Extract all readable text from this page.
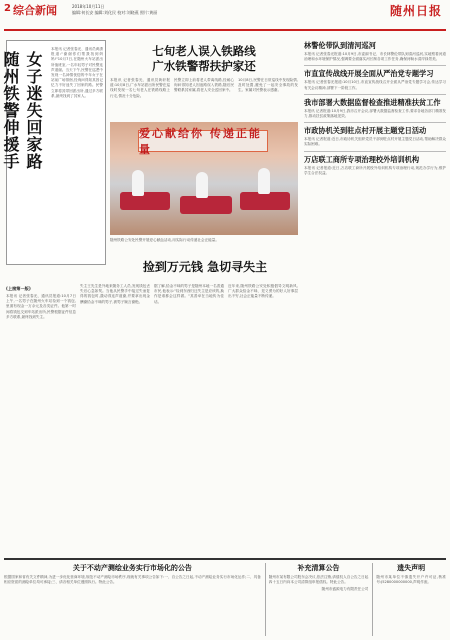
2 综合新闻	2018年10月11日
编辑:何长安 编辑:刘化民 校对:刘晓燕 照片:黄丽	随州日报
女子迷失回家路
随州铁警伸援手
本报讯 记者张春光、通讯员黄潇报道:"谢谢你们帮我找到妈妈!"10月7日,在随州火车站派出所值班室,一名年轻男子对民警连声道谢。当天下午,民警在巡逻中发现一名神情恍惚的中年女子在站前广场徘徊,经询问得知其因记忆力不好迷失了回家的路。民警立即将其带回派出所,通过多方联系,最终找到了其家人。
七旬老人误入铁路线
广水铁警帮扶护家还
本报讯 记者张春光、通讯员黄轩报道:10月8日,广水车站派出所民警在巡线时发现一名七旬老人在铁路线路上行走,情况十分危险。
民警立即上前将老人带离线路,经耐心询问得知老人因迷路误入铁路,随后民警联系其家属,将老人安全送回家中。
10月8日,民警在日常巡线中发现险情,及时处置,避免了一起安全事故的发生。家属对民警表示感谢。
爱心献给你 传递正能量
随州铁路公安处民警开展爱心献血活动,用实际行动传递社会正能量。
捡到万元钱 急切寻失主
林警伦带队到清河巡河
本报讯 记者张春光报道:10月9日,市委副书记、市长林警伦带队到清河巡河,实地察看河道治理和水环境保护情况,强调要全面落实河长制各项工作任务,确保河畅水清岸绿景美。
市直宣传战线开展全面从严治党专题学习
本报讯 记者张春光报道:10月10日,市直宣传战线召开全面从严治党专题学习会,传达学习有关会议精神,部署下一阶段工作。
我市部署大数据监督检查推进精准扶贫工作
本报讯 记者报道:10月9日,我市召开会议,部署大数据监督检查工作,要求各地各部门精准发力,推动扶贫政策落地见效。
市政协机关到驻点村开展主题党日活动
本报讯 记者报道:近日,市政协机关组织党员干部到驻点村开展主题党日活动,帮助解决群众实际困难。
万店联工商所专项治理校外培训机构
本报讯 记者报道:近日,万店联工商所开展校外培训机构专项治理行动,规范办学行为,维护学生合法权益。
(上接第一版)
本报讯 记者张春光、通讯员报道:10月7日上午,一名男子在随州火车站捡到一个钱包,里面有现金一万余元及各类证件。他第一时间将钱包交到车站派出所,民警根据证件信息多方联系,最终找到失主。
失主王先生是外地来随务工人员,发现钱包丢失后心急如焚。当他从民警手中接过失而复得的钱包时,激动得连声道谢,并要拿出现金酬谢拾金不昧的男子,被男子婉言谢绝。
据了解,拾金不昧的男子是随州本地一名普通市民,他表示:"捡到东西归还失主是应该的,换作是谁都会这样做。"其善举在当地传为佳话。
近年来,随州铁路公安处积极倡导文明新风,广大群众拾金不昧、见义勇为的好人好事层出不穷,社会正能量不断传递。
关于不动产测绘业务实行市场化的公告
根据国家和省有关文件精神,为进一步优化营商环境,规范不动产测绘市场秩序,现就有关事项公告如下:一、自公告之日起,不动产测绘业务实行市场化运作;二、具备相应资质的测绘单位均可承接;三、请各相关单位遵照执行。特此公告。
补充清算公告
随州市某有限公司股东会决议,依法注销,请债权人自公告之日起四十五日内向本公司清算组申报债权。特此公告。
随州市盛源电力有限责任公司
遗失声明
随州市某单位不慎遗失开户许可证,核准号:J5280000000000,声明作废。
